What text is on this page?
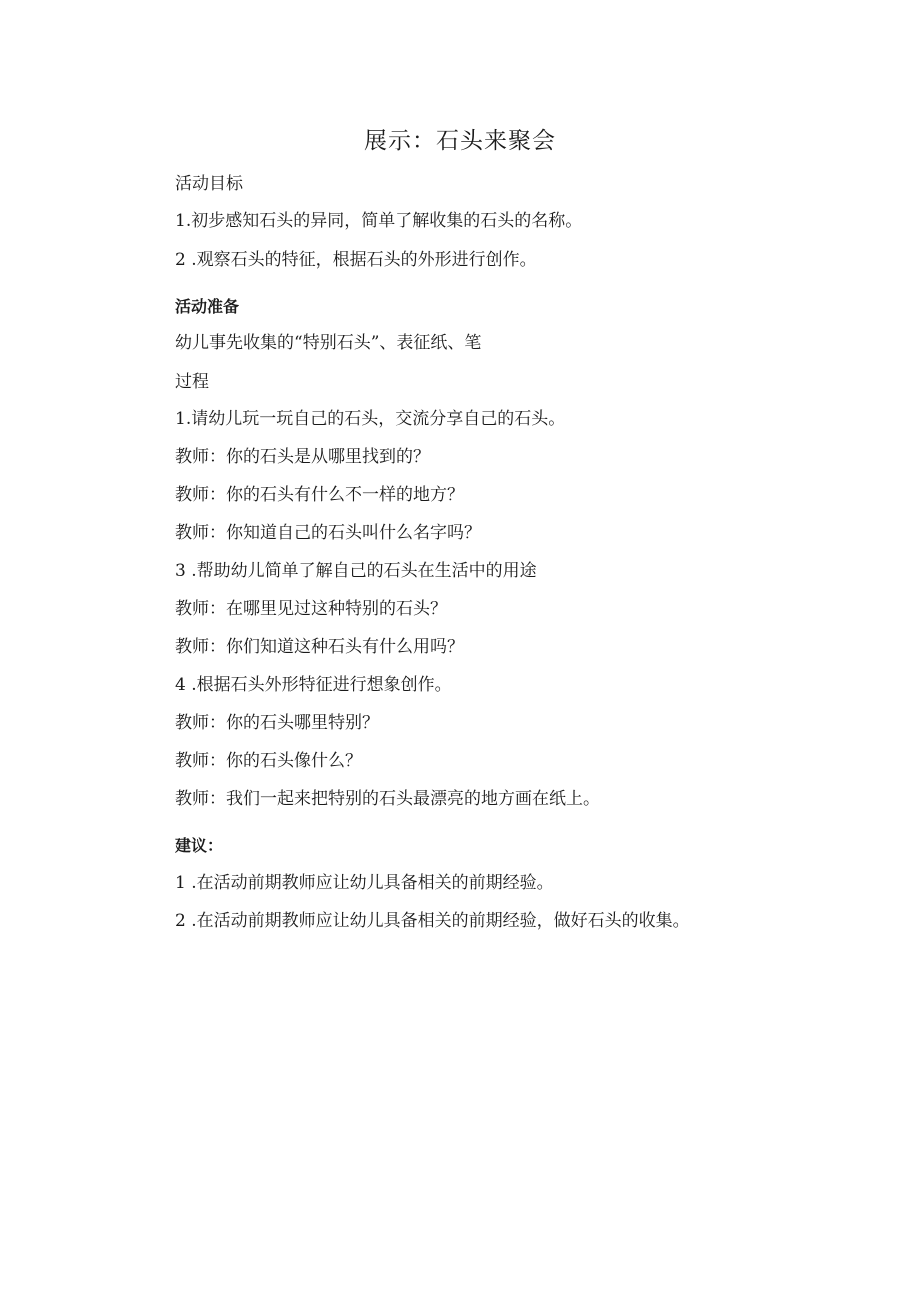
展示：石头来聚会

活动目标

1.初步感知石头的异同，简单了解收集的石头的名称。

2 .观察石头的特征，根据石头的外形进行创作。

活动准备

幼儿事先收集的“特别石头”、表征纸、笔

过程

1.请幼儿玩一玩自己的石头，交流分享自己的石头。

教师：你的石头是从哪里找到的？

教师：你的石头有什么不一样的地方？

教师：你知道自己的石头叫什么名字吗？

3 .帮助幼儿简单了解自己的石头在生活中的用途

教师：在哪里见过这种特别的石头？

教师：你们知道这种石头有什么用吗？

4 .根据石头外形特征进行想象创作。

教师：你的石头哪里特别？

教师：你的石头像什么？

教师：我们一起来把特别的石头最漂亮的地方画在纸上。

建议：

1 .在活动前期教师应让幼儿具备相关的前期经验。

2 .在活动前期教师应让幼儿具备相关的前期经验，做好石头的收集。
